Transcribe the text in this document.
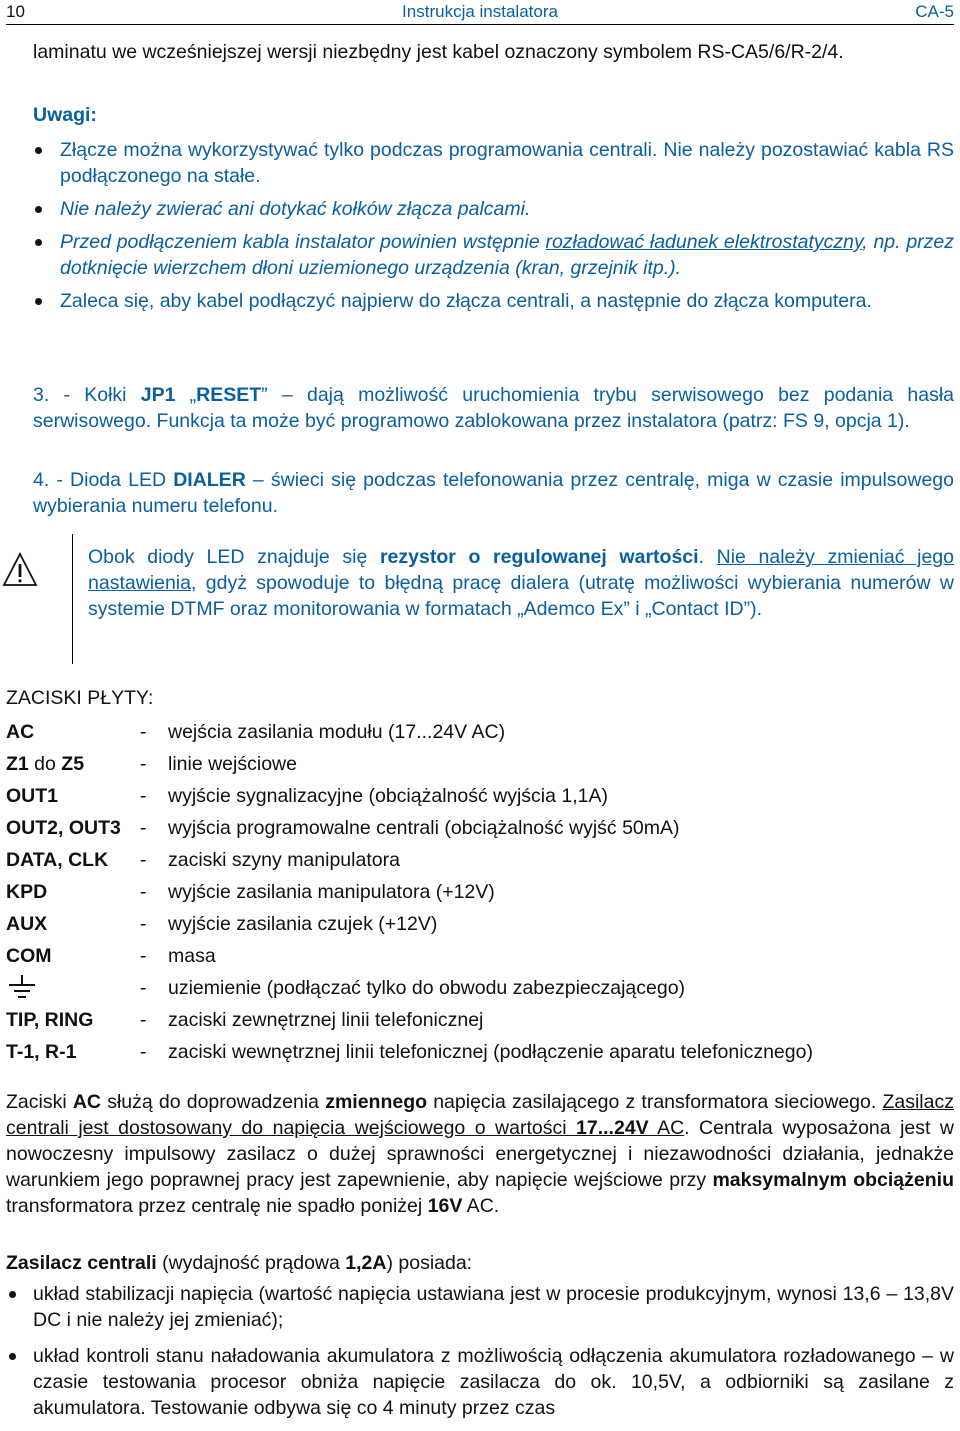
10	Instrukcja instalatora	CA-5
laminatu we wcześniejszej wersji niezbędny jest kabel oznaczony symbolem RS-CA5/6/R-2/4.
Uwagi:
Złącze można wykorzystywać tylko podczas programowania centrali. Nie należy pozostawiać kabla RS podłączonego na stałe.
Nie należy zwierać ani dotykać kołków złącza palcami.
Przed podłączeniem kabla instalator powinien wstępnie rozładować ładunek elektrostatyczny, np. przez dotknięcie wierzchem dłoni uziemionego urządzenia (kran, grzejnik itp.).
Zaleca się, aby kabel podłączyć najpierw do złącza centrali, a następnie do złącza komputera.
3. - Kołki JP1 „RESET” – dają możliwość uruchomienia trybu serwisowego bez podania hasła serwisowego. Funkcja ta może być programowo zablokowana przez instalatora (patrz: FS 9, opcja 1).
4. - Dioda LED DIALER – świeci się podczas telefonowania przez centralę, miga w czasie impulsowego wybierania numeru telefonu.
Obok diody LED znajduje się rezystor o regulowanej wartości. Nie należy zmieniać jego nastawienia, gdyż spowoduje to błędną pracę dialera (utratę możliwości wybierania numerów w systemie DTMF oraz monitorowania w formatach „Ademco Ex” i „Contact ID”).
ZACISKI PŁYTY:
AC	-	wejścia zasilania modułu (17...24V AC)
Z1 do Z5	-	linie wejściowe
OUT1	-	wyjście sygnalizacyjne (obciążalność wyjścia 1,1A)
OUT2, OUT3	-	wyjścia programowalne centrali (obciążalność wyjść 50mA)
DATA, CLK	-	zaciski szyny manipulatora
KPD	-	wyjście zasilania manipulatora (+12V)
AUX	-	wyjście zasilania czujek (+12V)
COM	-	masa

	-	uziemienie (podłączać tylko do obwodu zabezpieczającego)
TIP, RING	-	zaciski zewnętrznej linii telefonicznej
T-1, R-1	-	zaciski wewnętrznej linii telefonicznej (podłączenie aparatu telefonicznego)
Zaciski AC służą do doprowadzenia zmiennego napięcia zasilającego z transformatora sieciowego. Zasilacz centrali jest dostosowany do napięcia wejściowego o wartości 17...24V AC. Centrala wyposażona jest w nowoczesny impulsowy zasilacz o dużej sprawności energetycznej i niezawodności działania, jednakże warunkiem jego poprawnej pracy jest zapewnienie, aby napięcie wejściowe przy maksymalnym obciążeniu transformatora przez centralę nie spadło poniżej 16V AC.
Zasilacz centrali (wydajność prądowa 1,2A) posiada:
układ stabilizacji napięcia (wartość napięcia ustawiana jest w procesie produkcyjnym, wynosi 13,6 – 13,8V DC i nie należy jej zmieniać);
układ kontroli stanu naładowania akumulatora z możliwością odłączenia akumulatora rozładowanego – w czasie testowania procesor obniża napięcie zasilacza do ok. 10,5V, a odbiorniki są zasilane z akumulatora. Testowanie odbywa się co 4 minuty przez czas
